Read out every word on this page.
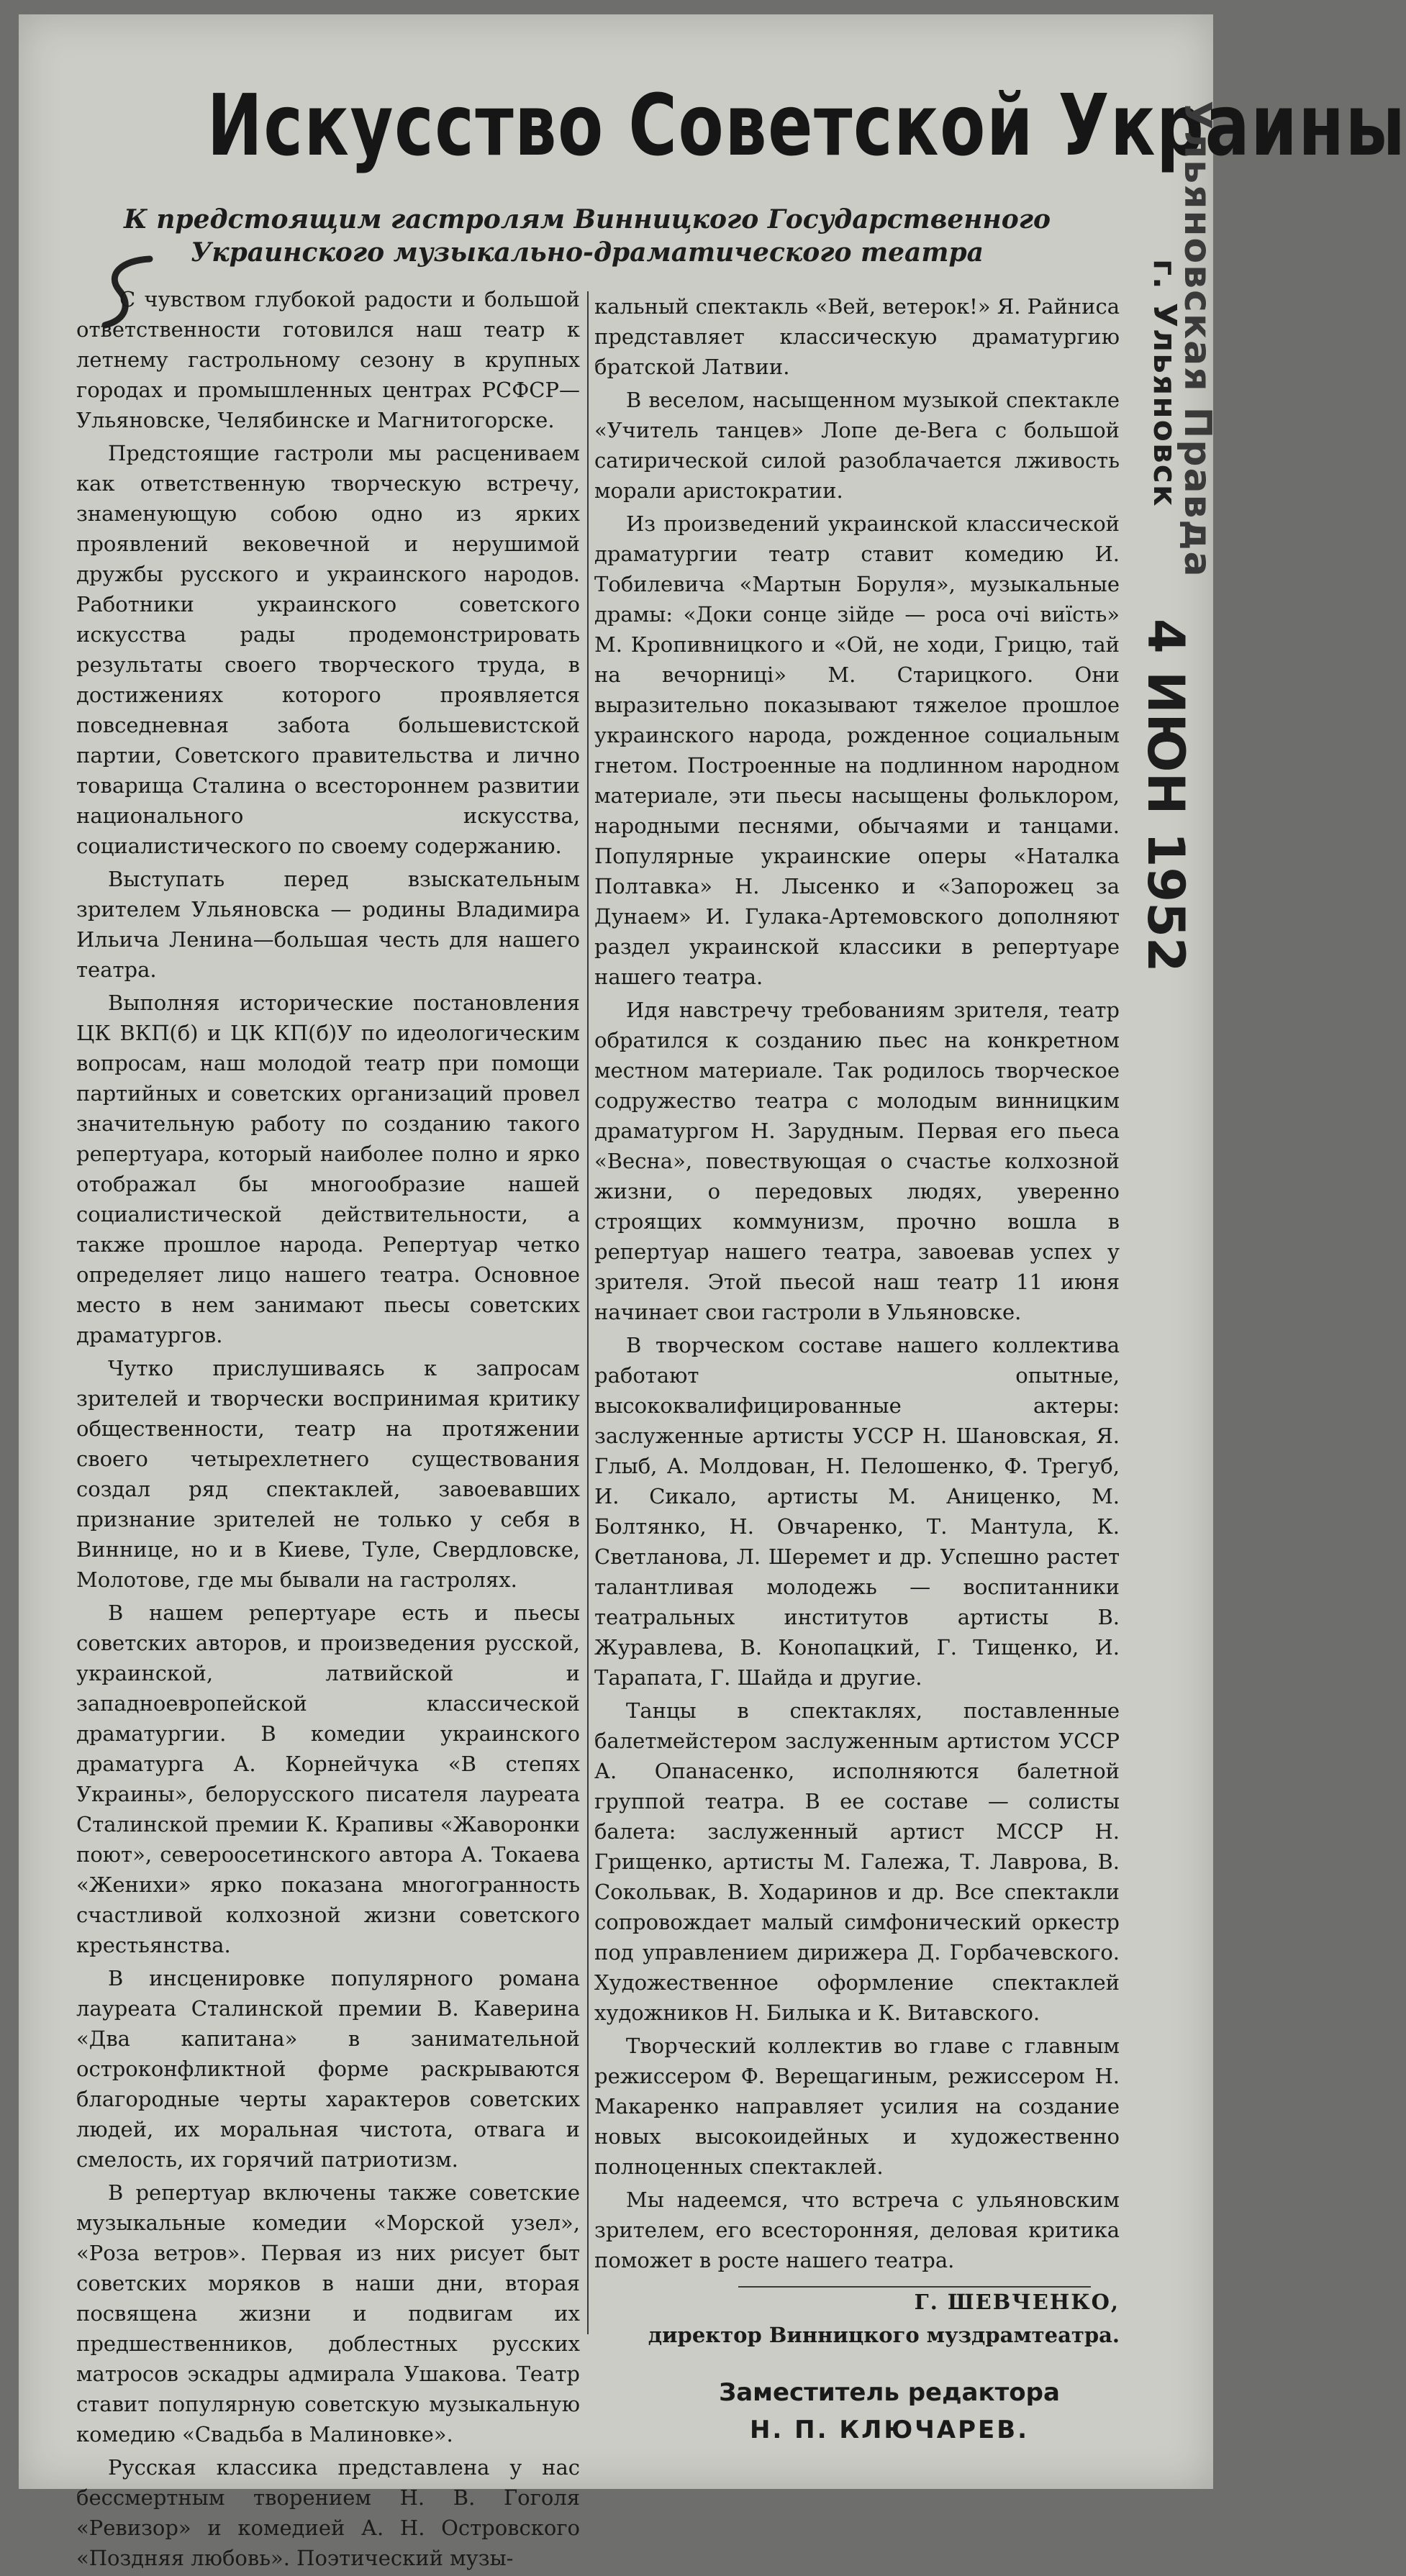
Искусство Советской Украины
К предстоящим гастролям Винницкого Государственного Украинского музыкально-драматического театра	Ульяновская Правда
г. Ульяновск
4 ИЮН 1952

С чувством глубокой радости и большой ответственности готовился наш театр к летнему гастрольному сезону в крупных городах и промышленных центрах РСФСР—Ульяновске, Челябинске и Магнитогорске.

Предстоящие гастроли мы расцениваем как ответственную творческую встречу, знаменующую собою одно из ярких проявлений вековечной и нерушимой дружбы русского и украинского народов. Работники украинского советского искусства рады продемонстрировать результаты своего творческого труда, в достижениях которого проявляется повседневная забота большевистской партии, Советского правительства и лично товарища Сталина о всестороннем развитии национального искусства, социалистического по своему содержанию.

Выступать перед взыскательным зрителем Ульяновска — родины Владимира Ильича Ленина—большая честь для нашего театра.

Выполняя исторические постановления ЦК ВКП(б) и ЦК КП(б)У по идеологическим вопросам, наш молодой театр при помощи партийных и советских организаций провел значительную работу по созданию такого репертуара, который наиболее полно и ярко отображал бы многообразие нашей социалистической действительности, а также прошлое народа. Репертуар четко определяет лицо нашего театра. Основное место в нем занимают пьесы советских драматургов.

Чутко прислушиваясь к запросам зрителей и творчески воспринимая критику общественности, театр на протяжении своего четырехлетнего существования создал ряд спектаклей, завоевавших признание зрителей не только у себя в Виннице, но и в Киеве, Туле, Свердловске, Молотове, где мы бывали на гастролях.

В нашем репертуаре есть и пьесы советских авторов, и произведения русской, украинской, латвийской и западноевропейской классической драматургии. В комедии украинского драматурга А. Корнейчука «В степях Украины», белорусского писателя лауреата Сталинской премии К. Крапивы «Жаворонки поют», североосетинского автора А. Токаева «Женихи» ярко показана многогранность счастливой колхозной жизни советского крестьянства.

В инсценировке популярного романа лауреата Сталинской премии В. Каверина «Два капитана» в занимательной остроконфликтной форме раскрываются благородные черты характеров советских людей, их моральная чистота, отвага и смелость, их горячий патриотизм.

В репертуар включены также советские музыкальные комедии «Морской узел», «Роза ветров». Первая из них рисует быт советских моряков в наши дни, вторая посвящена жизни и подвигам их предшественников, доблестных русских матросов эскадры адмирала Ушакова. Театр ставит популярную советскую музыкальную комедию «Свадьба в Малиновке».

Русская классика представлена у нас бессмертным творением Н. В. Гоголя «Ревизор» и комедией А. Н. Островского «Поздняя любовь». Поэтический музы-

кальный спектакль «Вей, ветерок!» Я. Райниса представляет классическую драматургию братской Латвии.

В веселом, насыщенном музыкой спектакле «Учитель танцев» Лопе де-Вега с большой сатирической силой разоблачается лживость морали аристократии.

Из произведений украинской классической драматургии театр ставит комедию И. Тобилевича «Мартын Боруля», музыкальные драмы: «Доки сонце зiйде — роса очi виїсть» М. Кропивницкого и «Ой, не ходи, Грицю, тай на вечорницi» М. Старицкого. Они выразительно показывают тяжелое прошлое украинского народа, рожденное социальным гнетом. Построенные на подлинном народном материале, эти пьесы насыщены фольклором, народными песнями, обычаями и танцами. Популярные украинские оперы «Наталка Полтавка» Н. Лысенко и «Запорожец за Дунаем» И. Гулака-Артемовского дополняют раздел украинской классики в репертуаре нашего театра.

Идя навстречу требованиям зрителя, театр обратился к созданию пьес на конкретном местном материале. Так родилось творческое содружество театра с молодым винницким драматургом Н. Зарудным. Первая его пьеса «Весна», повествующая о счастье колхозной жизни, о передовых людях, уверенно строящих коммунизм, прочно вошла в репертуар нашего театра, завоевав успех у зрителя. Этой пьесой наш театр 11 июня начинает свои гастроли в Ульяновске.

В творческом составе нашего коллектива работают опытные, высококвалифицированные актеры: заслуженные артисты УССР Н. Шановская, Я. Глыб, А. Молдован, Н. Пелошенко, Ф. Трегуб, И. Сикало, артисты М. Аниценко, М. Болтянко, Н. Овчаренко, Т. Мантула, К. Светланова, Л. Шеремет и др. Успешно растет талантливая молодежь — воспитанники театральных институтов артисты В. Журавлева, В. Конопацкий, Г. Тищенко, И. Тарапата, Г. Шайда и другие.

Танцы в спектаклях, поставленные балетмейстером заслуженным артистом УССР А. Опанасенко, исполняются балетной группой театра. В ее составе — солисты балета: заслуженный артист МССР Н. Грищенко, артисты М. Галежа, Т. Лаврова, В. Сокольвак, В. Ходаринов и др. Все спектакли сопровождает малый симфонический оркестр под управлением дирижера Д. Горбачевского. Художественное оформление спектаклей художников Н. Билыка и К. Витавского.

Творческий коллектив во главе с главным режиссером Ф. Верещагиным, режиссером Н. Макаренко направляет усилия на создание новых высокоидейных и художественно полноценных спектаклей.

Мы надеемся, что встреча с ульяновским зрителем, его всесторонняя, деловая критика поможет в росте нашего театра.

Г. ШЕВЧЕНКО,

директор Винницкого муздрамтеатра.

Заместитель редактора
Н. П. КЛЮЧАРЕВ.
